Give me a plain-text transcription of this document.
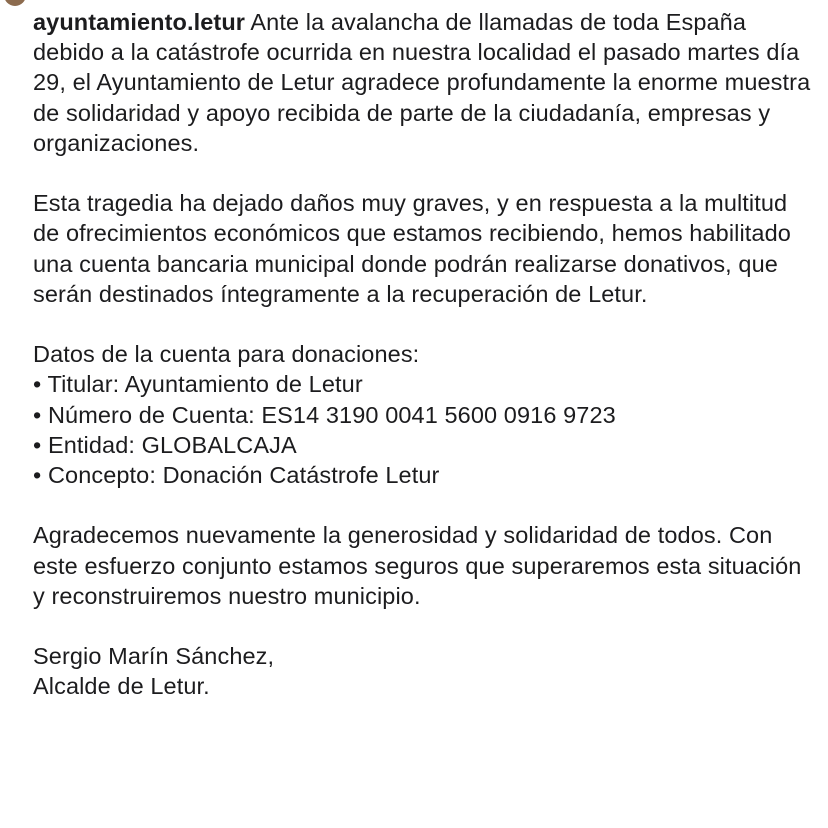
ayuntamiento.letur Ante la avalancha de llamadas de toda España debido a la catástrofe ocurrida en nuestra localidad el pasado martes día 29, el Ayuntamiento de Letur agradece profundamente la enorme muestra de solidaridad y apoyo recibida de parte de la ciudadanía, empresas y organizaciones.

Esta tragedia ha dejado daños muy graves, y en respuesta a la multitud de ofrecimientos económicos que estamos recibiendo, hemos habilitado una cuenta bancaria municipal donde podrán realizarse donativos, que serán destinados íntegramente a la recuperación de Letur.

Datos de la cuenta para donaciones:

• Titular: Ayuntamiento de Letur
• Número de Cuenta: ES14 3190 0041 5600 0916 9723
• Entidad: GLOBALCAJA
• Concepto: Donación Catástrofe Letur

Agradecemos nuevamente la generosidad y solidaridad de todos. Con este esfuerzo conjunto estamos seguros que superaremos esta situación y reconstruiremos nuestro municipio.

Sergio Marín Sánchez,

Alcalde de Letur.
